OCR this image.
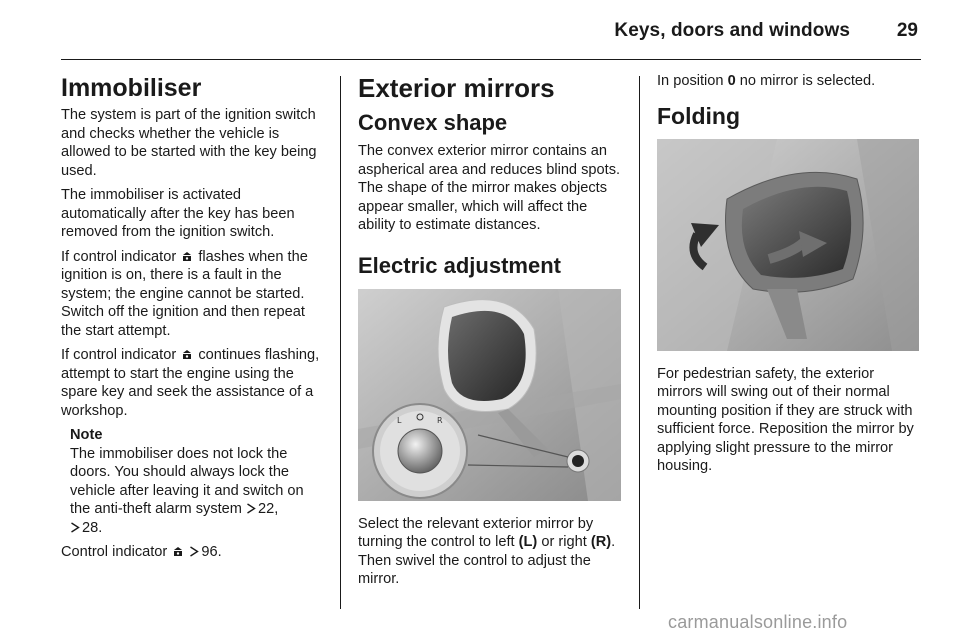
Keys, doors and windows	29
Immobiliser

The system is part of the ignition switch and checks whether the vehicle is allowed to be started with the key being used.

The immobiliser is activated automatically after the key has been removed from the ignition switch.

If control indicator flashes when the ignition is on, there is a fault in the system; the engine cannot be started. Switch off the ignition and then repeat the start attempt.

If control indicator continues flashing, attempt to start the engine using the spare key and seek the assistance of a workshop.

Note
The immobiliser does not lock the doors. You should always lock the vehicle after leaving it and switch on the anti-theft alarm system 22,
28.

Control indicator 96.

Exterior mirrors
Convex shape

The convex exterior mirror contains an aspherical area and reduces blind spots. The shape of the mirror makes objects appear smaller, which will affect the ability to estimate distances.

Electric adjustment
L	R

Select the relevant exterior mirror by turning the control to left (L) or right (R). Then swivel the control to adjust the mirror.

In position 0 no mirror is selected.

Folding

For pedestrian safety, the exterior mirrors will swing out of their normal mounting position if they are struck with sufficient force. Reposition the mirror by applying slight pressure to the mirror housing.

carmanualsonline.info
